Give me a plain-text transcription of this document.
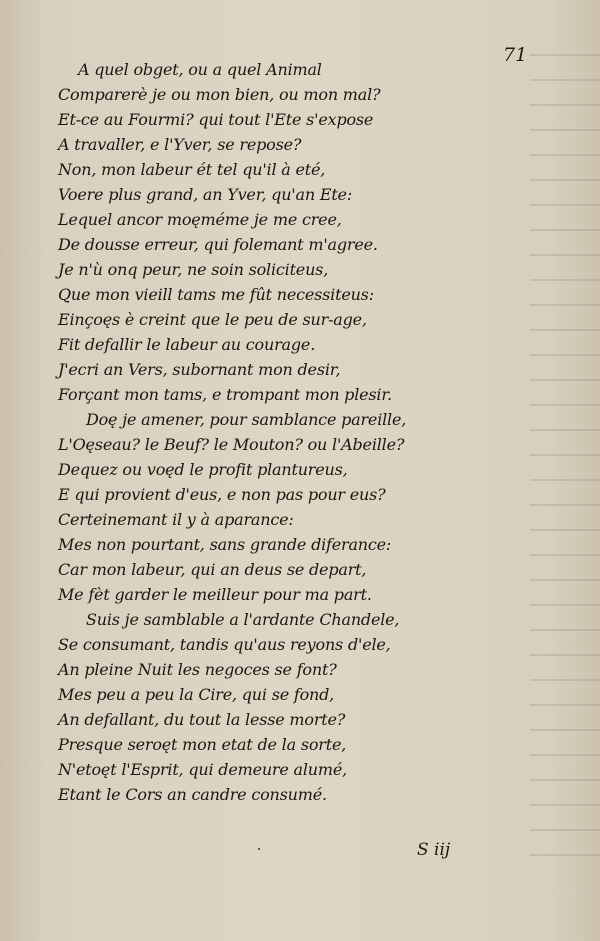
71
A quel obget, ou a quel Animal
Comparerè je ou mon bien, ou mon mal?
Et-ce au Fourmi? qui tout l'Ete s'expose
A travaller, e l'Yver, se repose?
Non, mon labeur ét tel qu'il à eté,
Voere plus grand, an Yver, qu'an Ete:
Lequel ancor moęméme je me cree,
De dousse erreur, qui folemant m'agree.
Je n'ù onq peur, ne soin soliciteus,
Que mon vieill tams me fût necessiteus:
Einçoęs è creint que le peu de sur-age,
Fit defallir le labeur au courage.
J'ecri an Vers, subornant mon desir,
Forçant mon tams, e trompant mon plesir.
Doę je amener, pour samblance pareille,
L'Oęseau? le Beuf? le Mouton? ou l'Abeille?
Dequez ou voęd le profit plantureus,
E qui provient d'eus, e non pas pour eus?
Certeinemant il y à aparance:
Mes non pourtant, sans grande diferance:
Car mon labeur, qui an deus se depart,
Me fèt garder le meilleur pour ma part.
Suis je samblable a l'ardante Chandele,
Se consumant, tandis qu'aus reyons d'ele,
An pleine Nuit les negoces se font?
Mes peu a peu la Cire, qui se fond,
An defallant, du tout la lesse morte?
Presque seroęt mon etat de la sorte,
N'etoęt l'Esprit, qui demeure alumé,
Etant le Cors an candre consumé.
S iij
